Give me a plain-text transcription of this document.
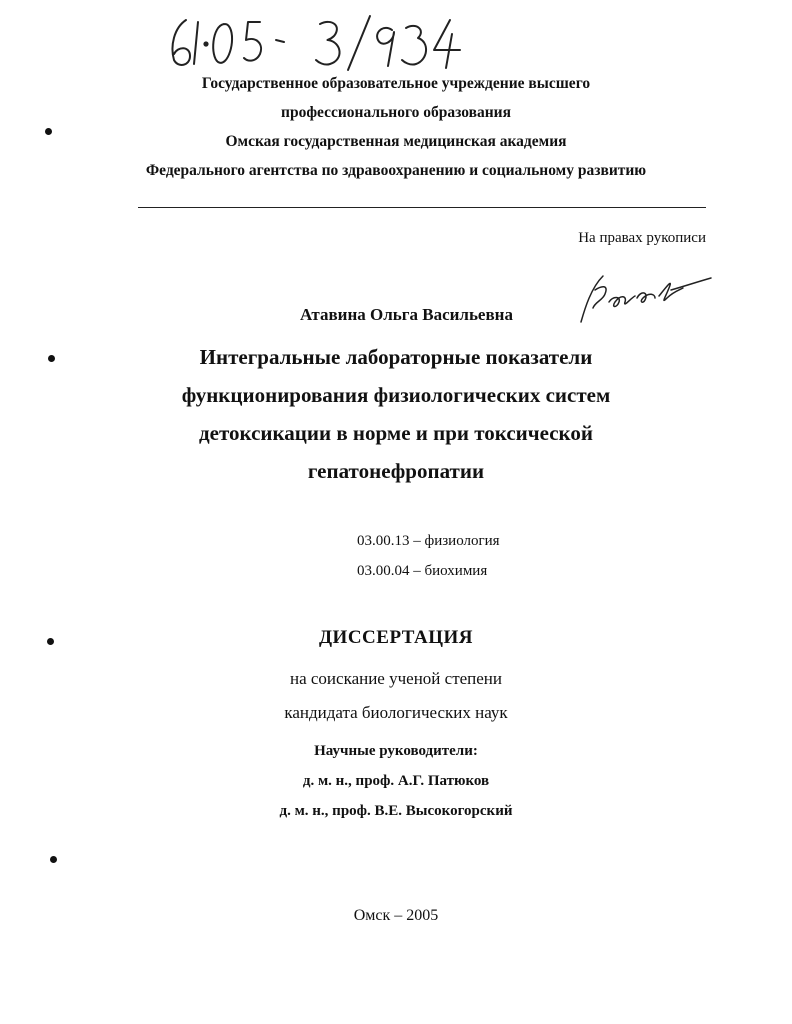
61·05- 3/934
Государственное образовательное учреждение высшего
профессионального образования
Омская государственная медицинская академия
Федерального агентства по здравоохранению и социальному развитию
На правах рукописи
Атавина Ольга Васильевна
Интегральные лабораторные показатели
функционирования физиологических систем
детоксикации в норме и при токсической
гепатонефропатии
03.00.13 – физиология
03.00.04 – биохимия
ДИССЕРТАЦИЯ
на соискание ученой степени
кандидата биологических наук
Научные руководители:
д. м. н., проф. А.Г. Патюков
д. м. н., проф. В.Е. Высокогорский
Омск – 2005
